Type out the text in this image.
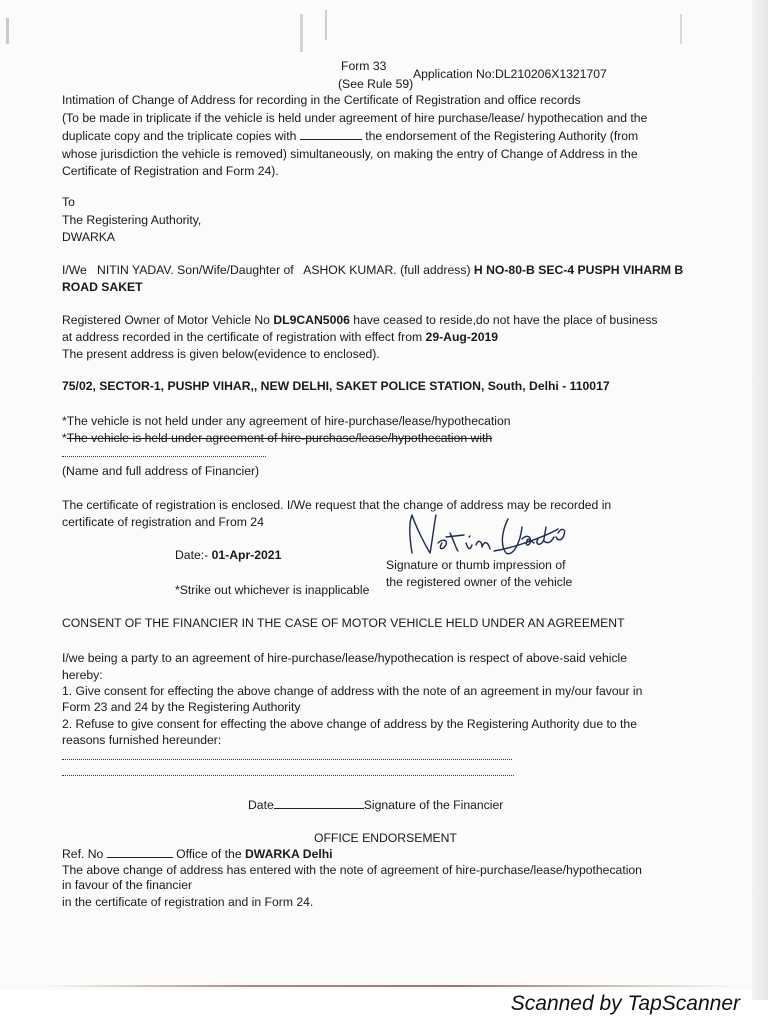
Form 33
(See Rule 59)
Application No:DL210206X1321707
Intimation of Change of Address for recording in the Certificate of Registration and office records
(To be made in triplicate if the vehicle is held under agreement of hire purchase/lease/ hypothecation and the
duplicate copy and the triplicate copies with	the endorsement of the Registering Authority (from
whose jurisdiction the vehicle is removed) simultaneously, on making the entry of Change of Address in the
Certificate of Registration and Form 24).
To
The Registering Authority,
DWARKA
I/We NITIN YADAV. Son/Wife/Daughter of ASHOK KUMAR. (full address) H NO-80-B SEC-4 PUSPH VIHARM B
ROAD SAKET
Registered Owner of Motor Vehicle No DL9CAN5006 have ceased to reside,do not have the place of business
at address recorded in the certificate of registration with effect from 29-Aug-2019
The present address is given below(evidence to enclosed).
75/02, SECTOR-1, PUSHP VIHAR,, NEW DELHI, SAKET POLICE STATION, South, Delhi - 110017
*The vehicle is not held under any agreement of hire-purchase/lease/hypothecation
*The vehicle is held under agreement of hire-purchase/lease/hypothecation with
(Name and full address of Financier)
The certificate of registration is enclosed. I/We request that the change of address may be recorded in
certificate of registration and From 24
Date:- 01-Apr-2021
Signature or thumb impression of
the registered owner of the vehicle
*Strike out whichever is inapplicable
CONSENT OF THE FINANCIER IN THE CASE OF MOTOR VEHICLE HELD UNDER AN AGREEMENT
I/we being a party to an agreement of hire-purchase/lease/hypothecation is respect of above-said vehicle
hereby:
1. Give consent for effecting the above change of address with the note of an agreement in my/our favour in
Form 23 and 24 by the Registering Authority
2. Refuse to give consent for effecting the above change of address by the Registering Authority due to the
reasons furnished hereunder:
Date	Signature of the Financier
OFFICE ENDORSEMENT
Ref. No	Office of the DWARKA Delhi
The above change of address has entered with the note of agreement of hire-purchase/lease/hypothecation
in favour of the financier
in the certificate of registration and in Form 24.
Scanned by TapScanner
